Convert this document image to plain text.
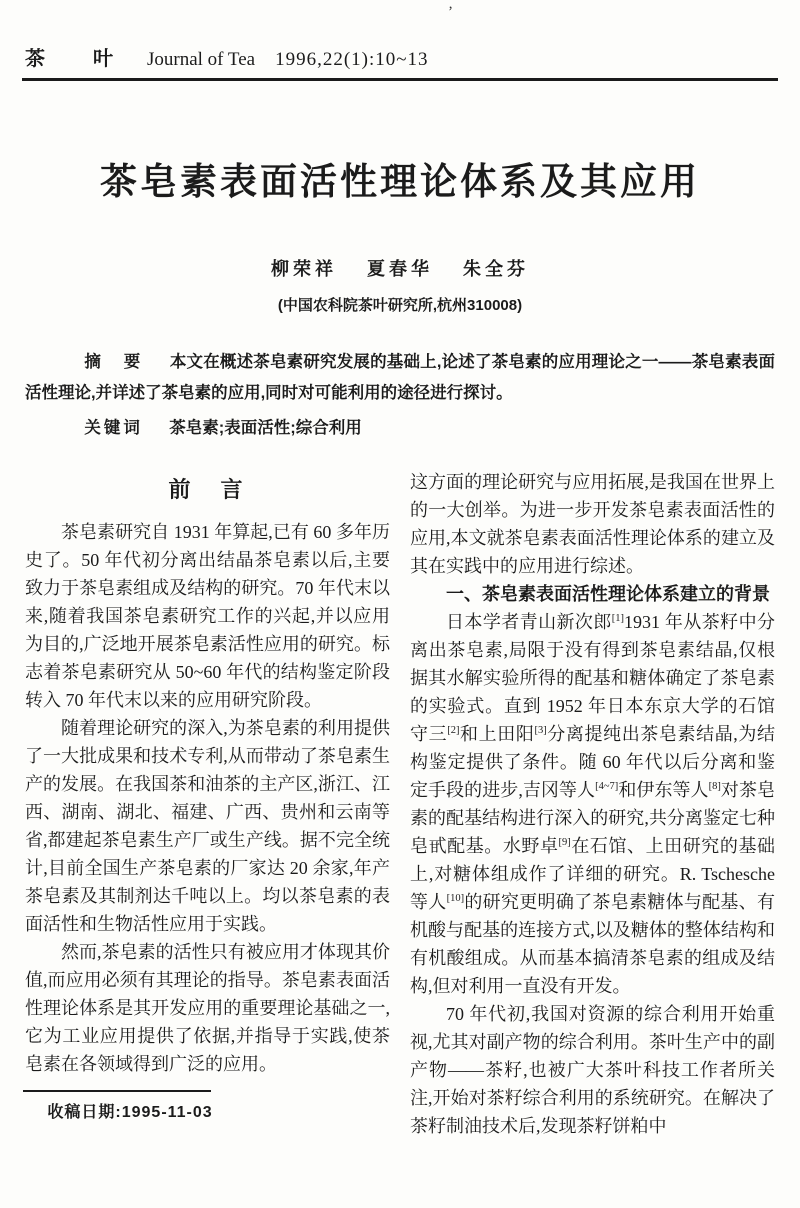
’
茶　叶 Journal of Tea 1996,22(1):10~13
茶皂素表面活性理论体系及其应用
柳荣祥 夏春华 朱全芬
(中国农科院茶叶研究所,杭州310008)

摘　要 本文在概述茶皂素研究发展的基础上,论述了茶皂素的应用理论之一——茶皂素表面活性理论,并详述了茶皂素的应用,同时对可能利用的途径进行探讨。

关键词 茶皂素;表面活性;综合利用

前　言

茶皂素研究自 1931 年算起,已有 60 多年历史了。50 年代初分离出结晶茶皂素以后,主要致力于茶皂素组成及结构的研究。70 年代末以来,随着我国茶皂素研究工作的兴起,并以应用为目的,广泛地开展茶皂素活性应用的研究。标志着茶皂素研究从 50~60 年代的结构鉴定阶段转入 70 年代末以来的应用研究阶段。

随着理论研究的深入,为茶皂素的利用提供了一大批成果和技术专利,从而带动了茶皂素生产的发展。在我国茶和油茶的主产区,浙江、江西、湖南、湖北、福建、广西、贵州和云南等省,都建起茶皂素生产厂或生产线。据不完全统计,目前全国生产茶皂素的厂家达 20 余家,年产茶皂素及其制剂达千吨以上。均以茶皂素的表面活性和生物活性应用于实践。

然而,茶皂素的活性只有被应用才体现其价值,而应用必须有其理论的指导。茶皂素表面活性理论体系是其开发应用的重要理论基础之一,它为工业应用提供了依据,并指导于实践,使茶皂素在各领域得到广泛的应用。

收稿日期:1995-11-03

这方面的理论研究与应用拓展,是我国在世界上的一大创举。为进一步开发茶皂素表面活性的应用,本文就茶皂素表面活性理论体系的建立及其在实践中的应用进行综述。

一、茶皂素表面活性理论体系建立的背景

日本学者青山新次郎[1]1931 年从茶籽中分离出茶皂素,局限于没有得到茶皂素结晶,仅根据其水解实验所得的配基和糖体确定了茶皂素的实验式。直到 1952 年日本东京大学的石馆守三[2]和上田阳[3]分离提纯出茶皂素结晶,为结构鉴定提供了条件。随 60 年代以后分离和鉴定手段的进步,吉冈等人[4~7]和伊东等人[8]对茶皂素的配基结构进行深入的研究,共分离鉴定七种皂甙配基。水野卓[9]在石馆、上田研究的基础上,对糖体组成作了详细的研究。R. Tschesche 等人[10]的研究更明确了茶皂素糖体与配基、有机酸与配基的连接方式,以及糖体的整体结构和有机酸组成。从而基本搞清茶皂素的组成及结构,但对利用一直没有开发。

70 年代初,我国对资源的综合利用开始重视,尤其对副产物的综合利用。茶叶生产中的副产物——茶籽,也被广大茶叶科技工作者所关注,开始对茶籽综合利用的系统研究。在解决了茶籽制油技术后,发现茶籽饼粕中
